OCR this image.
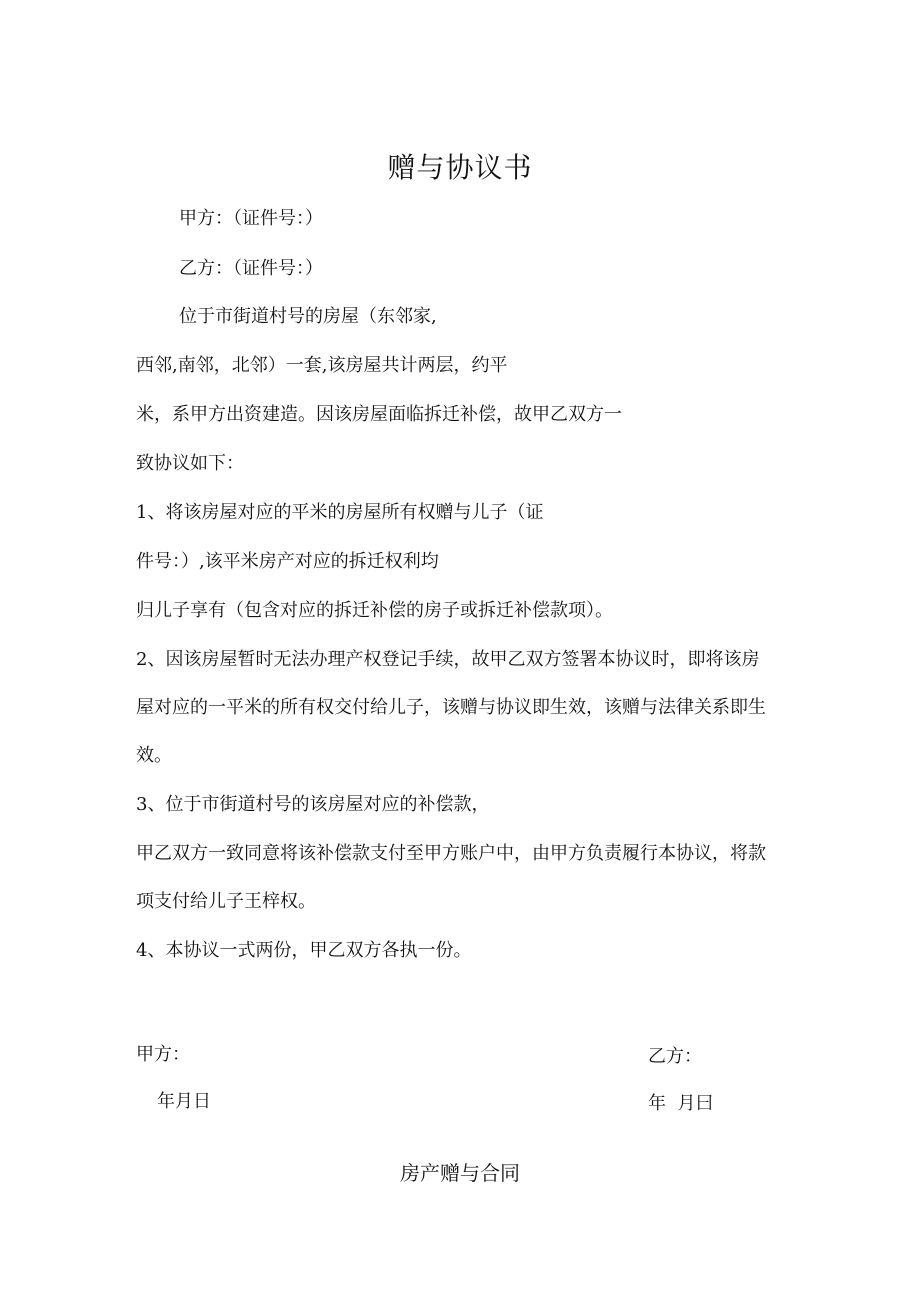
赠与协议书
甲方：（证件号：）
乙方：（证件号：）
位于市街道村号的房屋（东邻家,
西邻,南邻，北邻）一套,该房屋共计两层，约平
米，系甲方出资建造。因该房屋面临拆迁补偿，故甲乙双方一
致协议如下：
1、将该房屋对应的平米的房屋所有权赠与儿子（证
件号：）,该平米房产对应的拆迁权利均
归儿子享有（包含对应的拆迁补偿的房子或拆迁补偿款项）。
2、因该房屋暂时无法办理产权登记手续，故甲乙双方签署本协议时，即将该房
屋对应的一平米的所有权交付给儿子，该赠与协议即生效，该赠与法律关系即生
效。
3、位于市街道村号的该房屋对应的补偿款，
甲乙双方一致同意将该补偿款支付至甲方账户中，由甲方负责履行本协议，将款
项支付给儿子王梓权。
4、本协议一式两份，甲乙双方各执一份。
甲方：
年月日
乙方：
年  月曰
房产赠与合同
